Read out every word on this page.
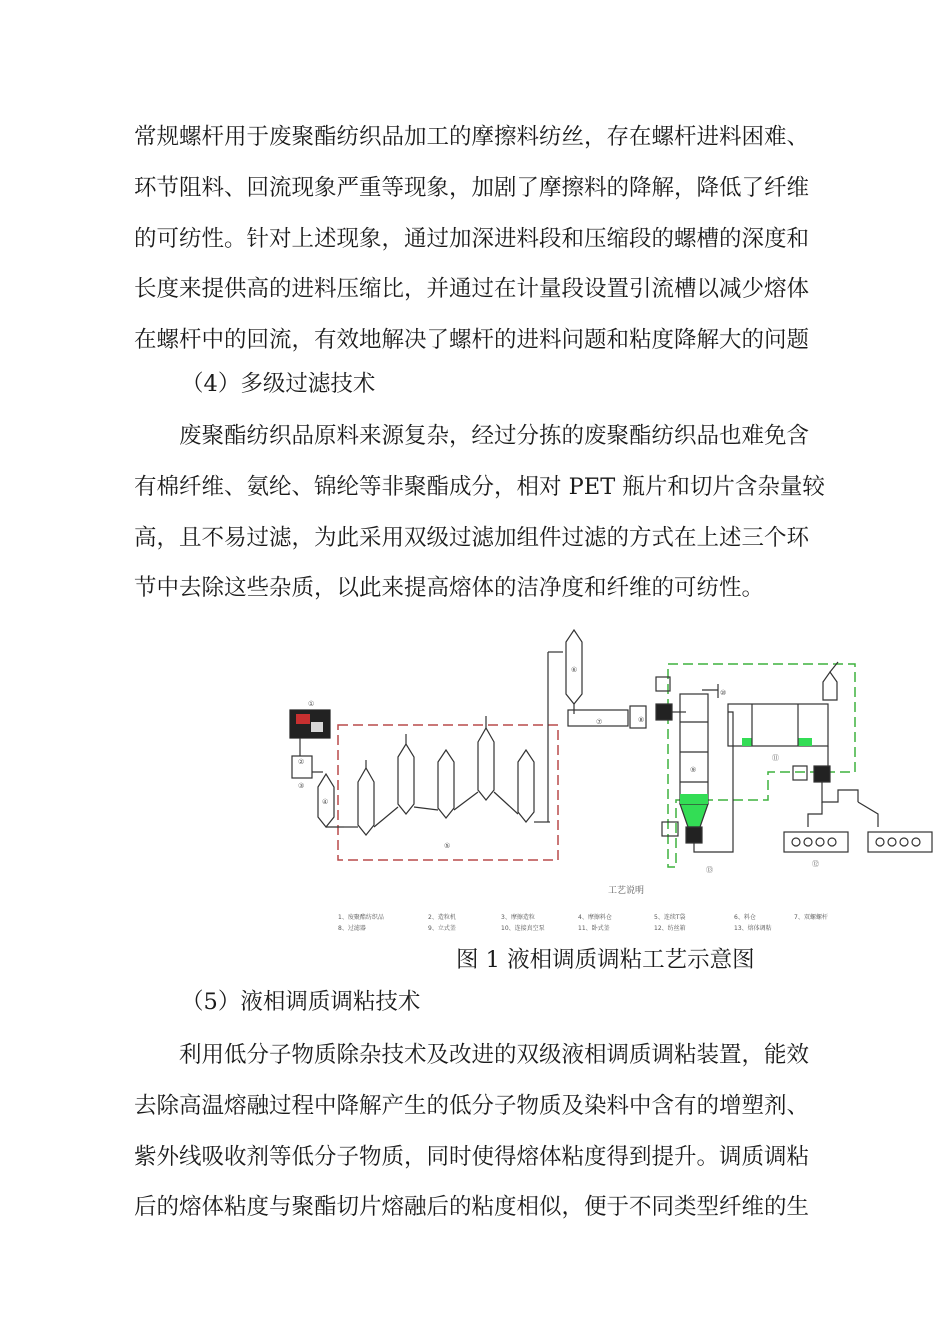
常规螺杆用于废聚酯纺织品加工的摩擦料纺丝，存在螺杆进料困难、
环节阻料、回流现象严重等现象，加剧了摩擦料的降解，降低了纤维
的可纺性。针对上述现象，通过加深进料段和压缩段的螺槽的深度和
长度来提供高的进料压缩比，并通过在计量段设置引流槽以减少熔体
在螺杆中的回流，有效地解决了螺杆的进料问题和粘度降解大的问题

（4）多级过滤技术

废聚酯纺织品原料来源复杂，经过分拣的废聚酯纺织品也难免含
有棉纤维、氨纶、锦纶等非聚酯成分，相对 PET 瓶片和切片含杂量较
高，且不易过滤，为此采用双级过滤加组件过滤的方式在上述三个环
节中去除这些杂质，以此来提高熔体的洁净度和纤维的可纺性。
①
②
③
④
⑤
⑥
⑦	⑧
⑨
⑩
⑪
⑫
⑬
工艺说明
1、废聚酯纺织品	2、造粒机	3、摩擦造粒	4、摩擦料仓	5、连续T袋	6、料仓	7、双螺螺杆
8、过滤器	9、立式釜	10、连接真空泵	11、卧式釜	12、纺丝箱	13、熔体调粘

图 1 液相调质调粘工艺示意图

（5）液相调质调粘技术

利用低分子物质除杂技术及改进的双级液相调质调粘装置，能效
去除高温熔融过程中降解产生的低分子物质及染料中含有的增塑剂、
紫外线吸收剂等低分子物质，同时使得熔体粘度得到提升。调质调粘
后的熔体粘度与聚酯切片熔融后的粘度相似，便于不同类型纤维的生
